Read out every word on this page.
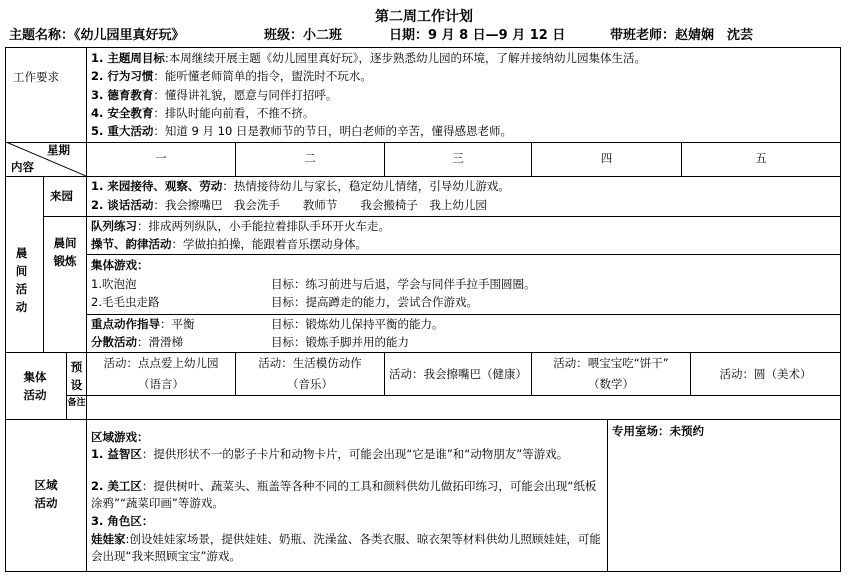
第二周工作计划
主题名称：《幼儿园里真好玩》	班级：小二班	日期：9 月 8 日—9 月 12 日	带班老师：赵婧娴　沈芸
工作要求
1. 主题周目标:本周继续开展主题《幼儿园里真好玩》，逐步熟悉幼儿园的环境，了解并接纳幼儿园集体生活。
2. 行为习惯：能听懂老师简单的指令，盥洗时不玩水。
3. 德育教育：懂得讲礼貌，愿意与同伴打招呼。
4. 安全教育：排队时能向前看，不推不挤。
5. 重大活动：知道 9 月 10 日是教师节的节日，明白老师的辛苦，懂得感恩老师。
星期
内容
一	二	三	四	五
晨间活动
来园
1. 来园接待、观察、劳动：热情接待幼儿与家长，稳定幼儿情绪，引导幼儿游戏。
2. 谈话活动：我会擦嘴巴　我会洗手　　教师节　　我会搬椅子　我上幼儿园
晨间锻炼
队列练习：排成两列纵队，小手能拉着排队手环开火车走。
操节、韵律活动：学做拍拍操，能跟着音乐摆动身体。
集体游戏：
1.吹泡泡	目标：练习前进与后退，学会与同伴手拉手围圆圈。
2.毛毛虫走路	目标：提高蹲走的能力，尝试合作游戏。
重点动作指导：平衡	目标：锻炼幼儿保持平衡的能力。
分散活动：滑滑梯	目标：锻炼手脚并用的能力
集体活动
预设
备注
活动：点点爱上幼儿园
（语言）
活动：生活模仿动作
（音乐）
活动：我会擦嘴巴（健康）
活动：喂宝宝吃“饼干”
（数学）
活动：圆（美术）
区域活动
区域游戏：
1. 益智区：提供形状不一的影子卡片和动物卡片，可能会出现“它是谁”和“动物朋友”等游戏。
2. 美工区：提供树叶、蔬菜头、瓶盖等各种不同的工具和颜料供幼儿做拓印练习，可能会出现“纸板涂鸦”“蔬菜印画”等游戏。
3. 角色区：
娃娃家:创设娃娃家场景，提供娃娃、奶瓶、洗澡盆、各类衣服、晾衣架等材料供幼儿照顾娃娃，可能会出现“我来照顾宝宝”游戏。
专用室场：未预约
